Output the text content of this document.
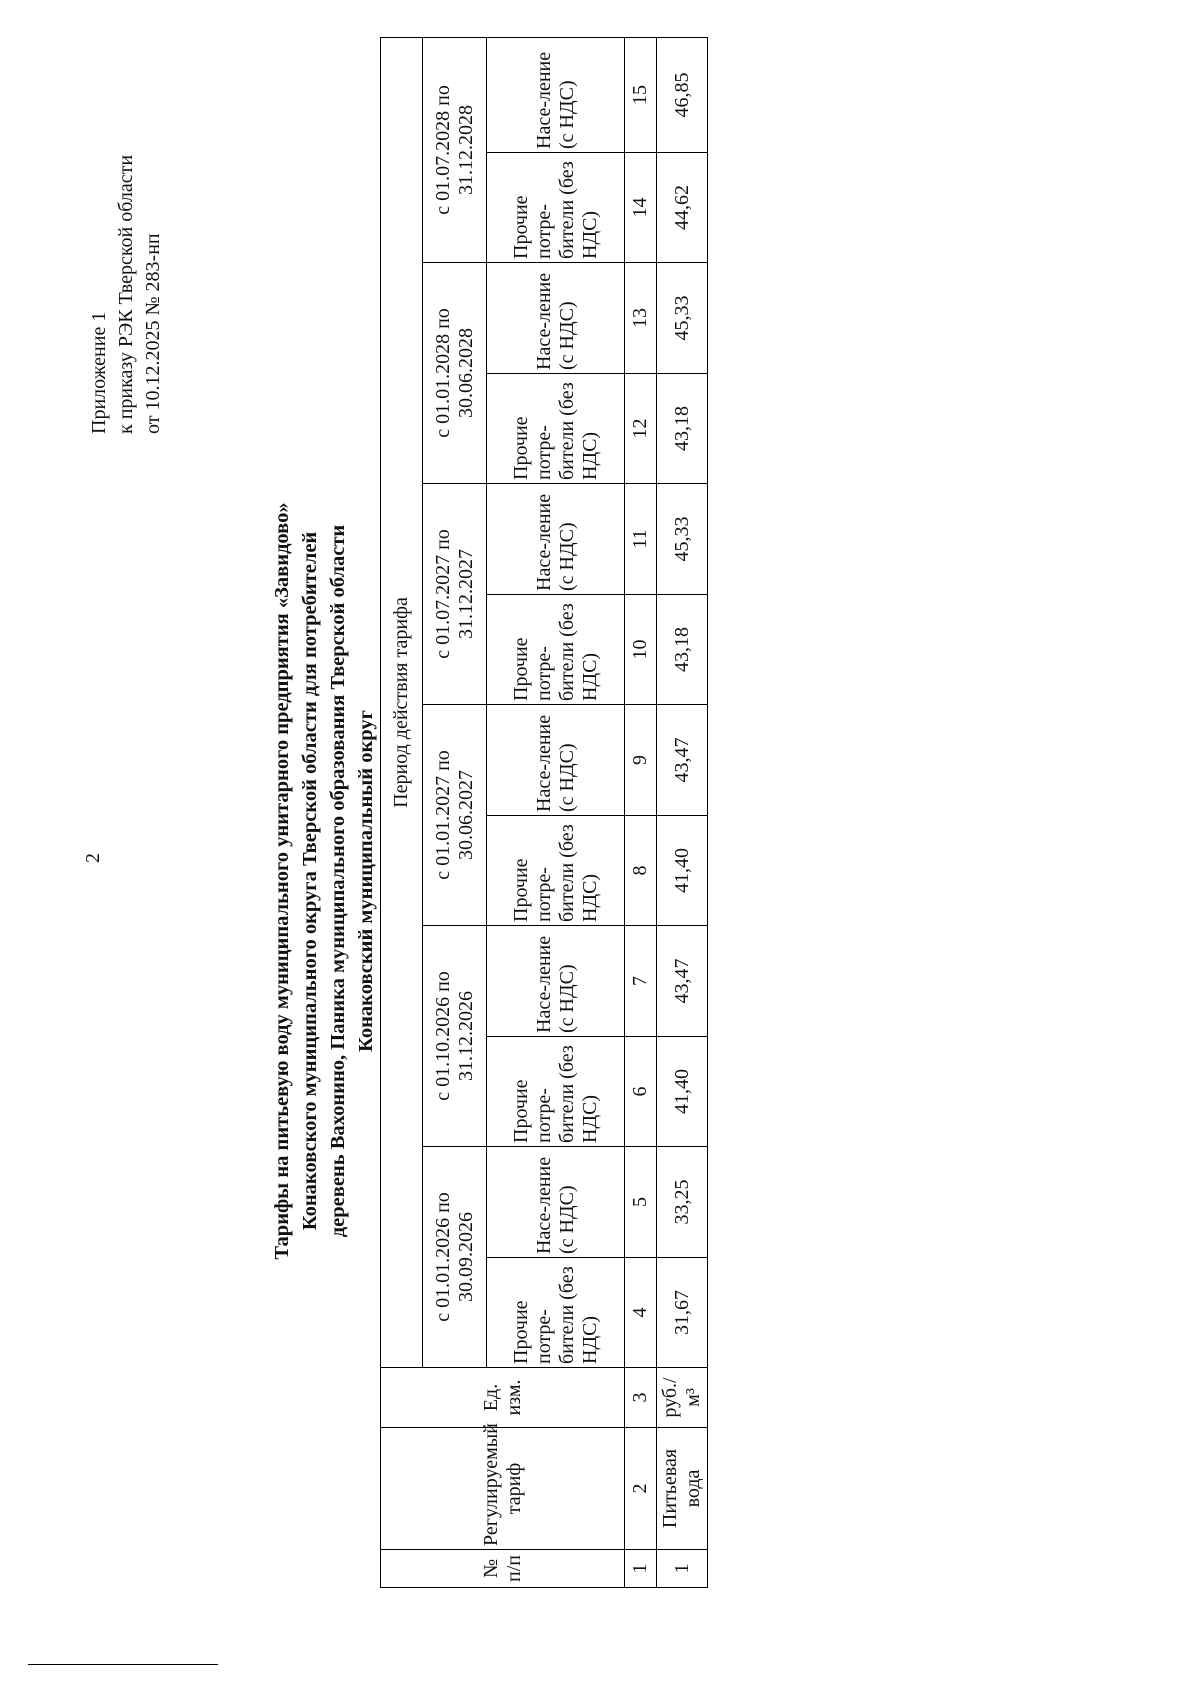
2
Приложение 1 к приказу РЭК Тверской области от 10.12.2025 № 283-нп
Тарифы на питьевую воду муниципального унитарного предприятия «Завидово» Конаковского муниципального округа Тверской области для потребителей деревень Вахонино, Паника муниципального образования Тверской области Конаковский муниципальный округ
№ п/п	Регулируемый тариф	Ед. изм.	Период действия тарифа											
			с 01.01.2026 по 30.09.2026		с 01.10.2026 по 31.12.2026		с 01.01.2027 по 30.06.2027		с 01.07.2027 по 31.12.2027		с 01.01.2028 по 30.06.2028		с 01.07.2028 по 31.12.2028	
			Прочие потре-бители (без НДС)	Насе-ление (с НДС)	Прочие потре-бители (без НДС)	Насе-ление (с НДС)	Прочие потре-бители (без НДС)	Насе-ление (с НДС)	Прочие потре-бители (без НДС)	Насе-ление (с НДС)	Прочие потре-бители (без НДС)	Насе-ление (с НДС)	Прочие потре-бители (без НДС)	Насе-ление (с НДС)
1	2	3	4	5	6	7	8	9	10	11	12	13	14	15
1	Питьевая вода	руб./м³	31,67	33,25	41,40	43,47	41,40	43,47	43,18	45,33	43,18	45,33	44,62	46,85
